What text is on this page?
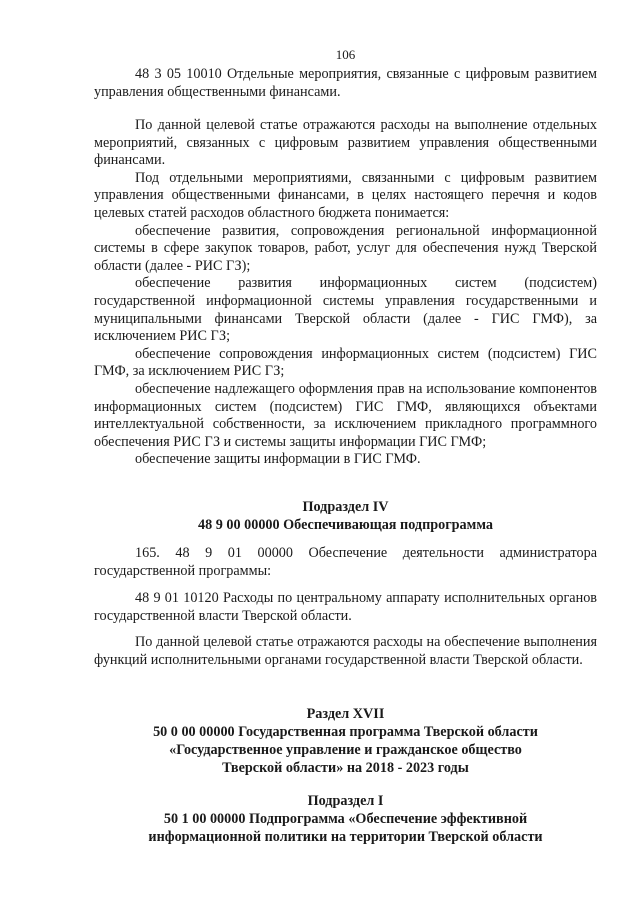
106

48 3 05 10010 Отдельные мероприятия, связанные с цифровым развитием управления общественными финансами.

По данной целевой статье отражаются расходы на выполнение отдельных мероприятий, связанных с цифровым развитием управления общественными финансами.

Под отдельными мероприятиями, связанными с цифровым развитием управления общественными финансами, в целях настоящего перечня и кодов целевых статей расходов областного бюджета понимается:

обеспечение развития, сопровождения региональной информационной системы в сфере закупок товаров, работ, услуг для обеспечения нужд Тверской области (далее - РИС ГЗ);

обеспечение развития информационных систем (подсистем) государственной информационной системы управления государственными и муниципальными финансами Тверской области (далее - ГИС ГМФ), за исключением РИС ГЗ;

обеспечение сопровождения информационных систем (подсистем) ГИС ГМФ, за исключением РИС ГЗ;

обеспечение надлежащего оформления прав на использование компонентов информационных систем (подсистем) ГИС ГМФ, являющихся объектами интеллектуальной собственности, за исключением прикладного программного обеспечения РИС ГЗ и системы защиты информации ГИС ГМФ;

обеспечение защиты информации в ГИС ГМФ.

Подраздел IV
48 9 00 00000 Обеспечивающая подпрограмма

165. 48 9 01 00000 Обеспечение деятельности администратора государственной программы:

48 9 01 10120 Расходы по центральному аппарату исполнительных органов государственной власти Тверской области.

По данной целевой статье отражаются расходы на обеспечение выполнения функций исполнительными органами государственной власти Тверской области.

Раздел XVII
50 0 00 00000 Государственная программа Тверской области
«Государственное управление и гражданское общество
Тверской области» на 2018 - 2023 годы
Подраздел I
50 1 00 00000 Подпрограмма «Обеспечение эффективной
информационной политики на территории Тверской области
